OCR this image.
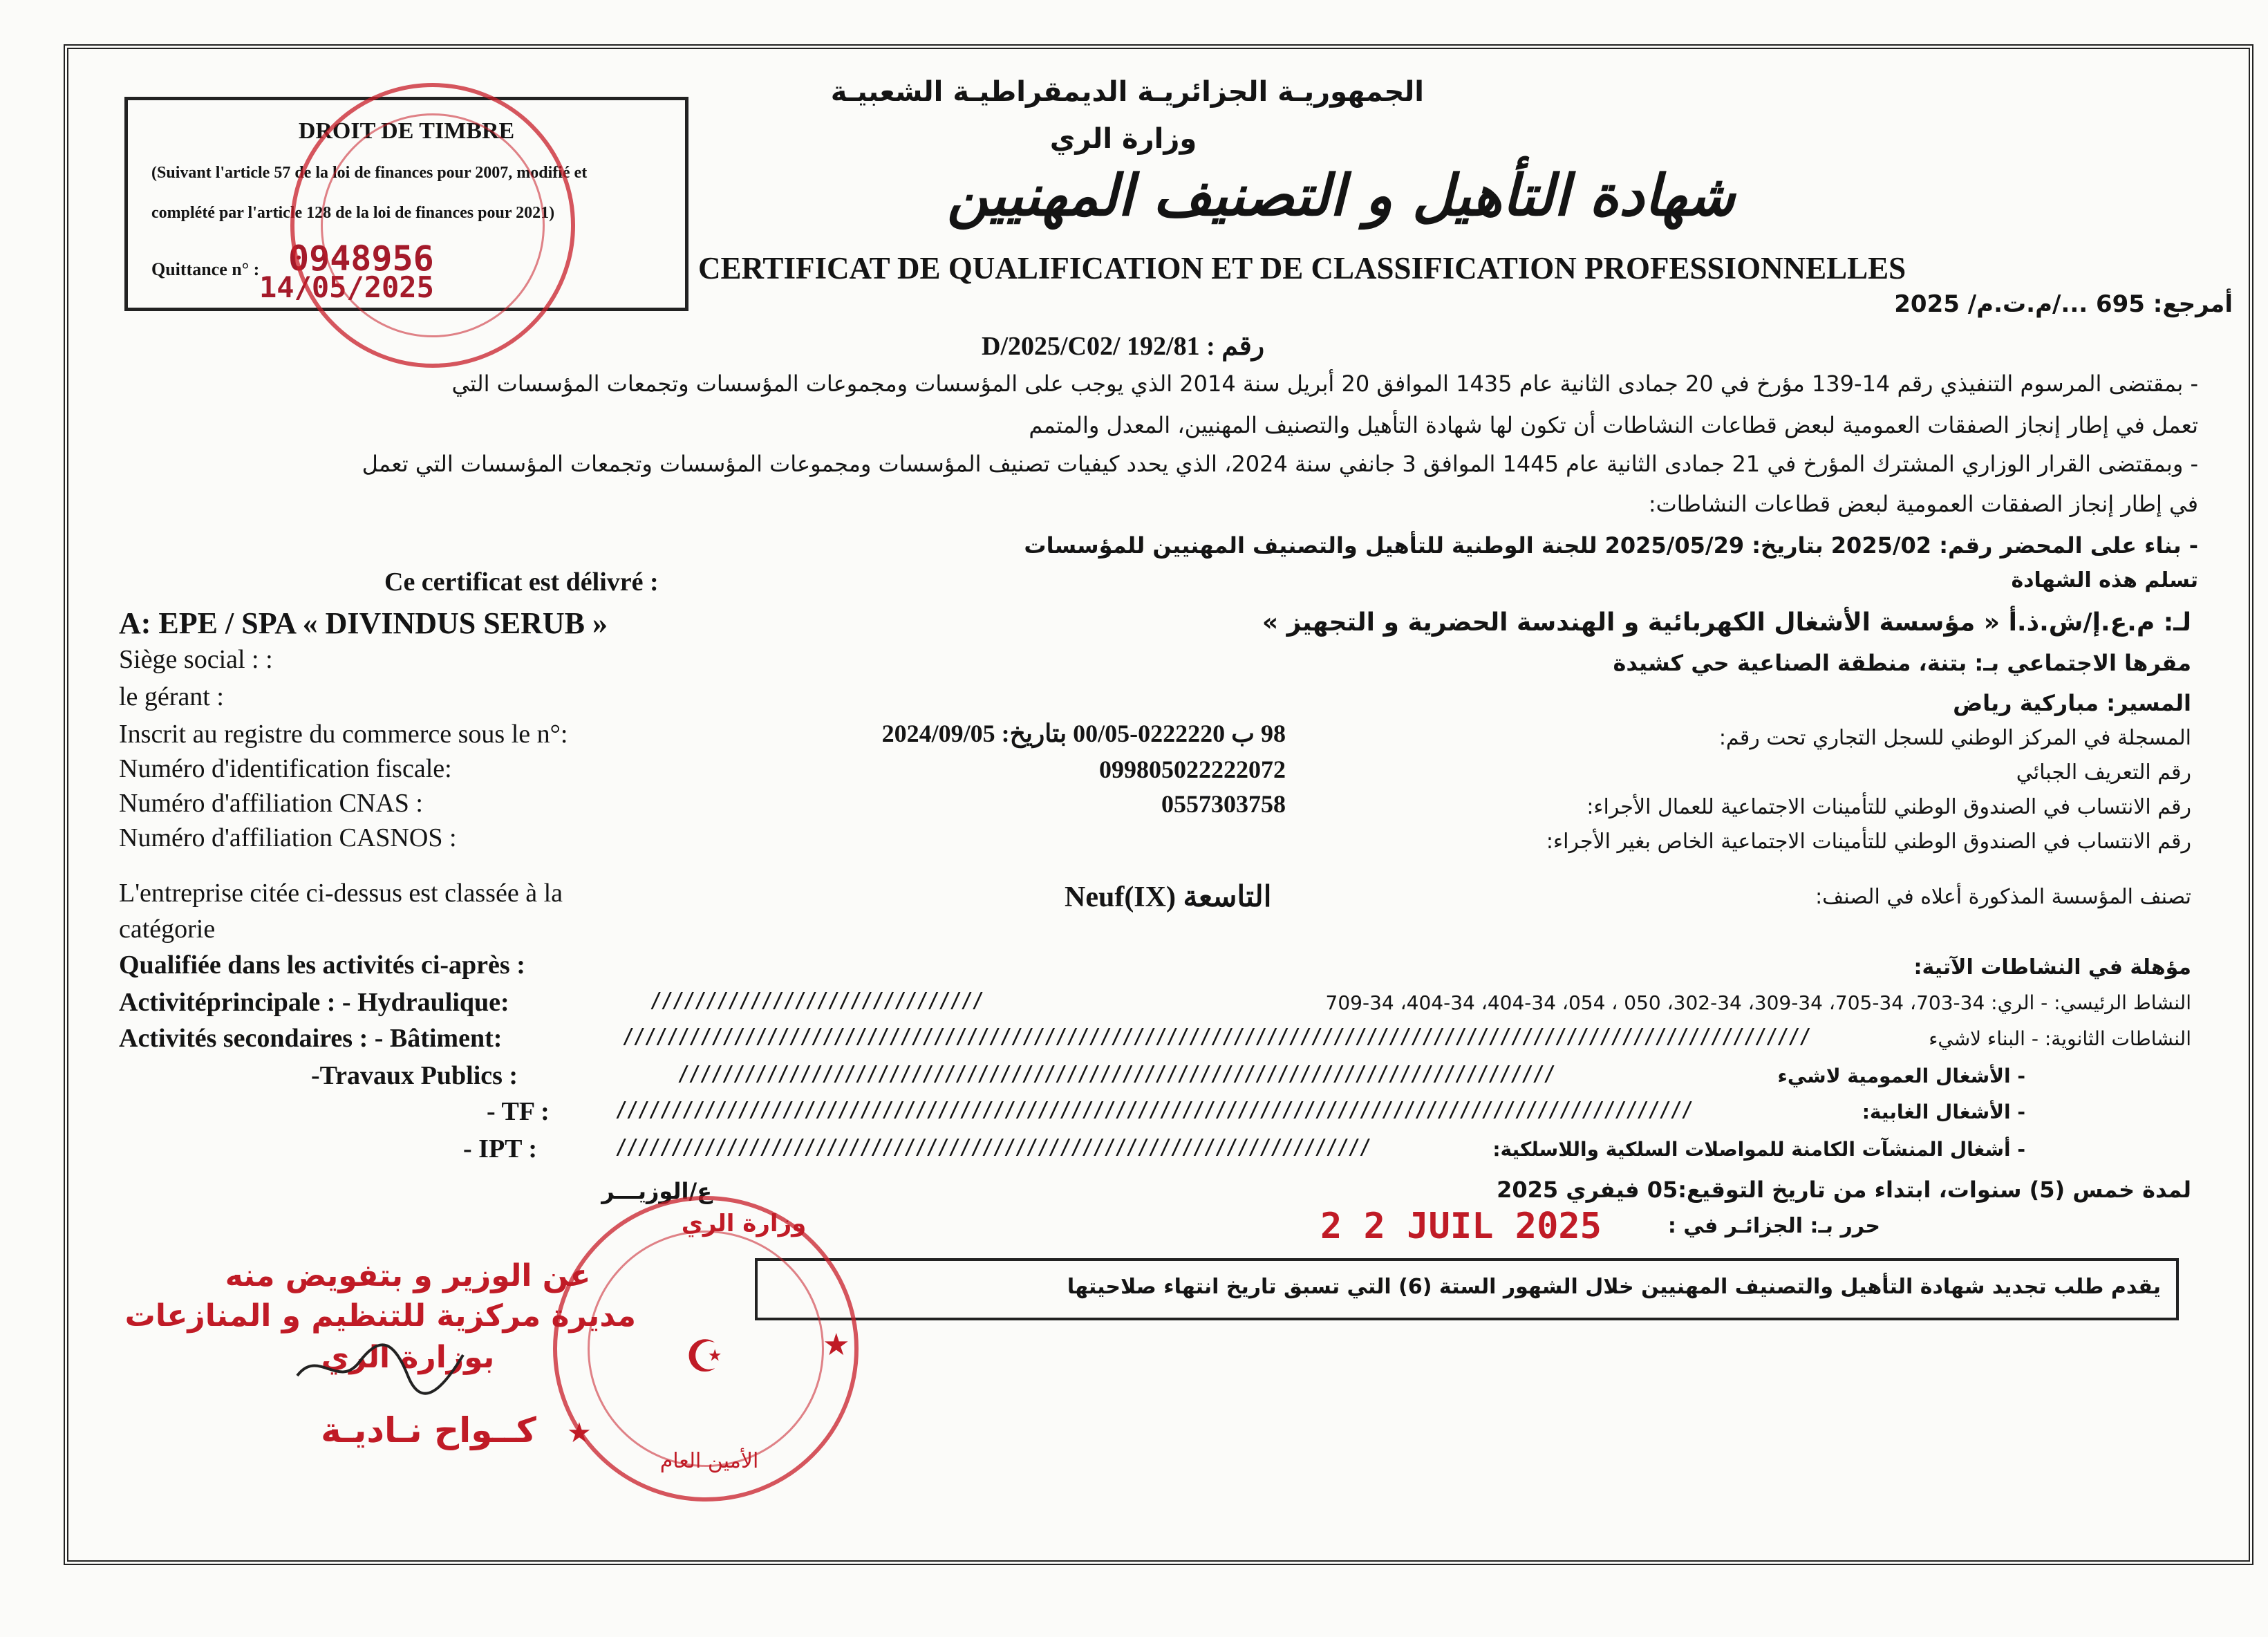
الجمهوريـة الجزائريـة الديمقراطيـة الشعبيـة
وزارة الري
شهادة التأهيل و التصنيف المهنيين
CERTIFICAT DE QUALIFICATION ET DE CLASSIFICATION PROFESSIONNELLES
DROIT DE TIMBRE
(Suivant l'article 57 de la loi de finances pour 2007, modifié et
complété par l'article 128 de la loi de finances pour 2021)
Quittance n° : 0948956
14/05/2025
رقم : D/2025/C02/ 192/81
أمرجع: 695 .../م.ت.م/ 2025
- بمقتضى المرسوم التنفيذي رقم 14-139 مؤرخ في 20 جمادى الثانية عام 1435 الموافق 20 أبريل سنة 2014 الذي يوجب على المؤسسات ومجموعات المؤسسات وتجمعات المؤسسات التي
تعمل في إطار إنجاز الصفقات العمومية لبعض قطاعات النشاطات أن تكون لها شهادة التأهيل والتصنيف المهنيين، المعدل والمتمم
- وبمقتضى القرار الوزاري المشترك المؤرخ في 21 جمادى الثانية عام 1445 الموافق 3 جانفي سنة 2024، الذي يحدد كيفيات تصنيف المؤسسات ومجموعات المؤسسات وتجمعات المؤسسات التي تعمل
في إطار إنجاز الصفقات العمومية لبعض قطاعات النشاطات:
- بناء على المحضر رقم: 2025/02 بتاريخ: 2025/05/29 للجنة الوطنية للتأهيل والتصنيف المهنيين للمؤسسات
تسلم هذه الشهادة
Ce certificat est délivré :
A: EPE / SPA « DIVINDUS SERUB »	لـ: م.ع.إ/ش.ذ.أ « مؤسسة الأشغال الكهربائية و الهندسة الحضرية و التجهيز »
Siège social : :	مقرها الاجتماعي بـ: بتنة، منطقة الصناعية حي كشيدة
le gérant :	المسير: مباركية رياض
Inscrit au registre du commerce sous le n°:	98 ب 0222220-00/05 بتاريخ: 2024/09/05	المسجلة في المركز الوطني للسجل التجاري تحت رقم:
Numéro d'identification fiscale:	099805022222072	رقم التعريف الجبائي
Numéro d'affiliation CNAS :	0557303758	رقم الانتساب في الصندوق الوطني للتأمينات الاجتماعية للعمال الأجراء:
Numéro d'affiliation CASNOS :	رقم الانتساب في الصندوق الوطني للتأمينات الاجتماعية الخاص بغير الأجراء:
L'entreprise citée ci-dessus est classée à la
catégorie
Neuf(IX) التاسعة	تصنف المؤسسة المذكورة أعلاه في الصنف:
Qualifiée dans les activités ci-après :	مؤهلة في النشاطات الآتية:
Activitéprincipale : - Hydraulique:	//////////////////////////////	النشاط الرئيسي: - الري: 34-703، 34-705، 34-309، 34-302، 050 ، 054، 34-404، 34-404، 34-709
Activités secondaires : - Bâtiment:	///////////////////////////////////////////////////////////////////////////////////////////////////////////	النشاطات الثانوية: - البناء لاشيء
-Travaux Publics :	///////////////////////////////////////////////////////////////////////////////	- الأشغال العمومية لاشيء
- TF :	/////////////////////////////////////////////////////////////////////////////////////////////////	- الأشغال الغابية:
- IPT :	////////////////////////////////////////////////////////////////////	- أشغال المنشآت الكامنة للمواصلات السلكية واللاسلكية:
ع/الوزيـــر	لمدة خمس (5) سنوات، ابتداء من تاريخ التوقيع:05 فيفري 2025
2 2 JUIL 2025	حرر بـ: الجزائـر في :
يقدم طلب تجديد شهادة التأهيل والتصنيف المهنيين خلال الشهور الستة (6) التي تسبق تاريخ انتهاء صلاحيتها
وزارة الري
الأمين العام
☪	★
★
عن الوزير و بتفويض منه
مديرة مركزية للتنظيم و المنازعات
بوزارة الري
كــواح نـاديـة
